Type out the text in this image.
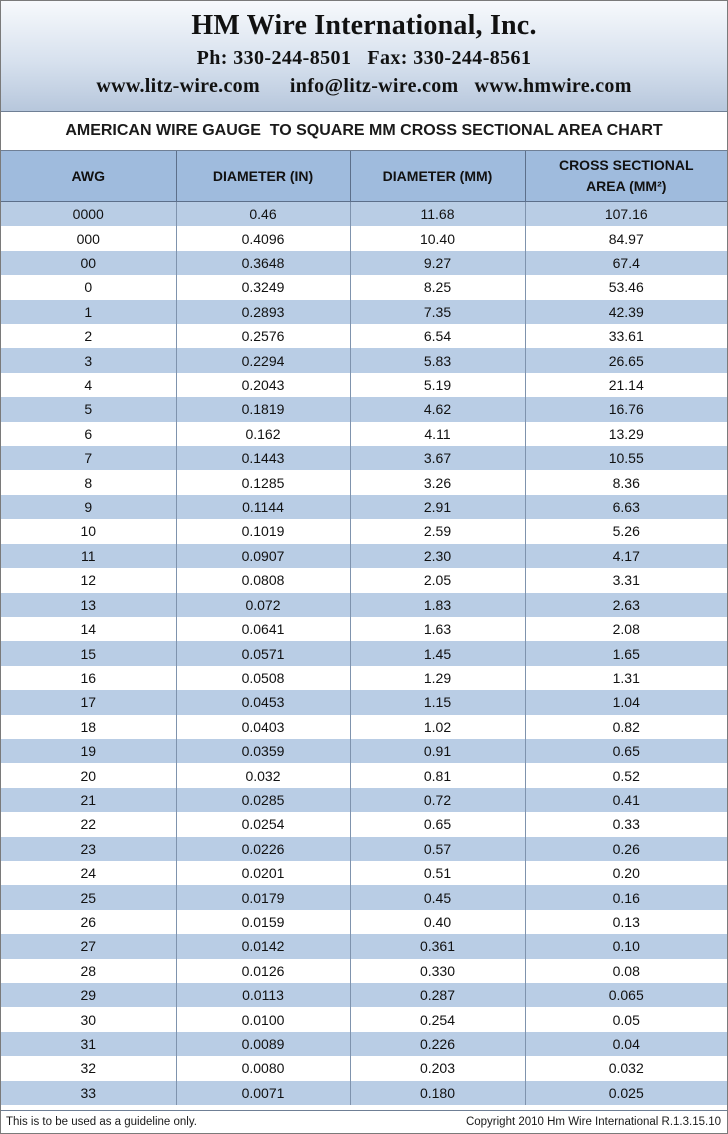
HM Wire International, Inc.
Ph: 330-244-8501 Fax: 330-244-8561
www.litz-wire.com info@litz-wire.com www.hmwire.com
AMERICAN WIRE GAUGE  TO SQUARE MM CROSS SECTIONAL AREA CHART
AWG	DIAMETER (IN)	DIAMETER (MM)	CROSS SECTIONAL
AREA (MM²)
0000	0.46	11.68	107.16
000	0.4096	10.40	84.97
00	0.3648	9.27	67.4
0	0.3249	8.25	53.46
1	0.2893	7.35	42.39
2	0.2576	6.54	33.61
3	0.2294	5.83	26.65
4	0.2043	5.19	21.14
5	0.1819	4.62	16.76
6	0.162	4.11	13.29
7	0.1443	3.67	10.55
8	0.1285	3.26	8.36
9	0.1144	2.91	6.63
10	0.1019	2.59	5.26
11	0.0907	2.30	4.17
12	0.0808	2.05	3.31
13	0.072	1.83	2.63
14	0.0641	1.63	2.08
15	0.0571	1.45	1.65
16	0.0508	1.29	1.31
17	0.0453	1.15	1.04
18	0.0403	1.02	0.82
19	0.0359	0.91	0.65
20	0.032	0.81	0.52
21	0.0285	0.72	0.41
22	0.0254	0.65	0.33
23	0.0226	0.57	0.26
24	0.0201	0.51	0.20
25	0.0179	0.45	0.16
26	0.0159	0.40	0.13
27	0.0142	0.361	0.10
28	0.0126	0.330	0.08
29	0.0113	0.287	0.065
30	0.0100	0.254	0.05
31	0.0089	0.226	0.04
32	0.0080	0.203	0.032
33	0.0071	0.180	0.025
This is to be used as a guideline only.	Copyright 2010 Hm Wire International R.1.3.15.10
